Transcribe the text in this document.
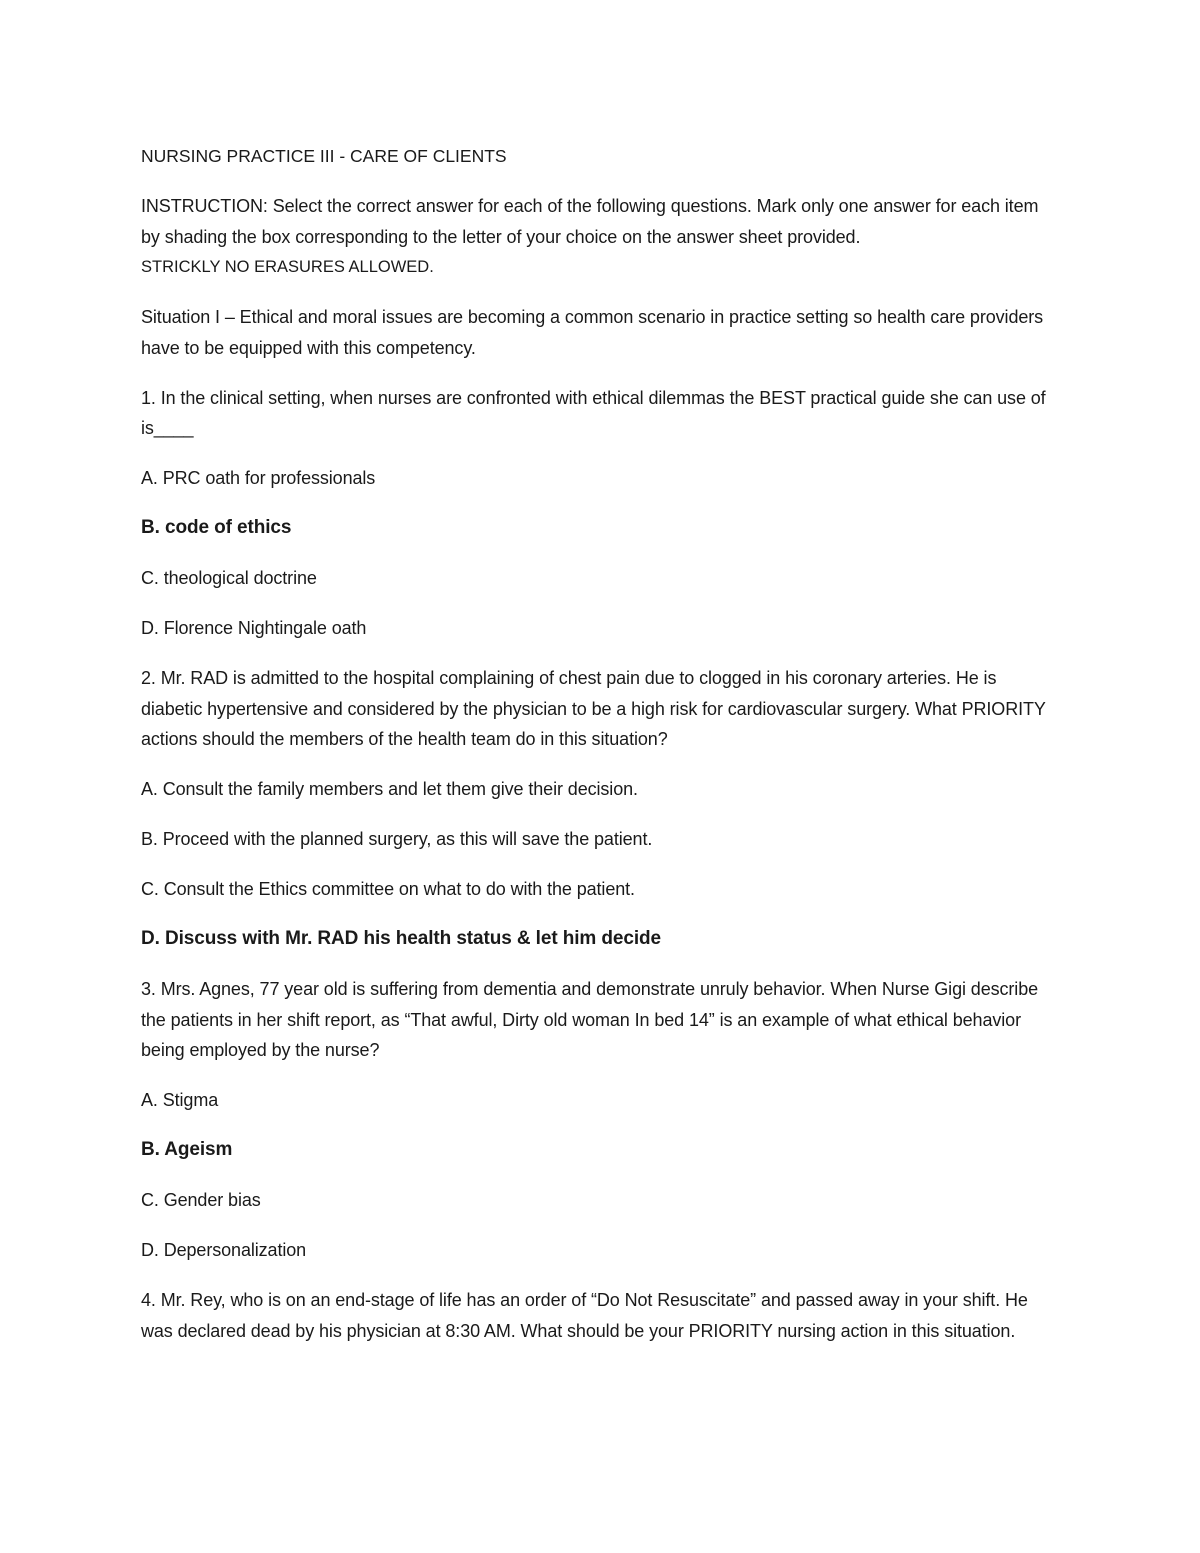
NURSING PRACTICE III - CARE OF CLIENTS

INSTRUCTION: Select the correct answer for each of the following questions. Mark only one answer for each item by shading the box corresponding to the letter of your choice on the answer sheet provided.

STRICKLY NO ERASURES ALLOWED.

Situation I – Ethical and moral issues are becoming a common scenario in practice setting so health care providers have to be equipped with this competency.

1. In the clinical setting, when nurses are confronted with ethical dilemmas the BEST practical guide she can use of is____

A. PRC oath for professionals

B. code of ethics

C. theological doctrine

D. Florence Nightingale oath

2. Mr. RAD is admitted to the hospital complaining of chest pain due to clogged in his coronary arteries. He is diabetic hypertensive and considered by the physician to be a high risk for cardiovascular surgery. What PRIORITY actions should the members of the health team do in this situation?

A. Consult the family members and let them give their decision.

B. Proceed with the planned surgery, as this will save the patient.

C. Consult the Ethics committee on what to do with the patient.

D. Discuss with Mr. RAD his health status & let him decide

3. Mrs. Agnes, 77 year old is suffering from dementia and demonstrate unruly behavior. When Nurse Gigi describe the patients in her shift report, as “That awful, Dirty old woman In bed 14” is an example of what ethical behavior being employed by the nurse?

A. Stigma

B. Ageism

C. Gender bias

D. Depersonalization

4. Mr. Rey, who is on an end-stage of life has an order of “Do Not Resuscitate” and passed away in your shift. He was declared dead by his physician at 8:30 AM. What should be your PRIORITY nursing action in this situation.
